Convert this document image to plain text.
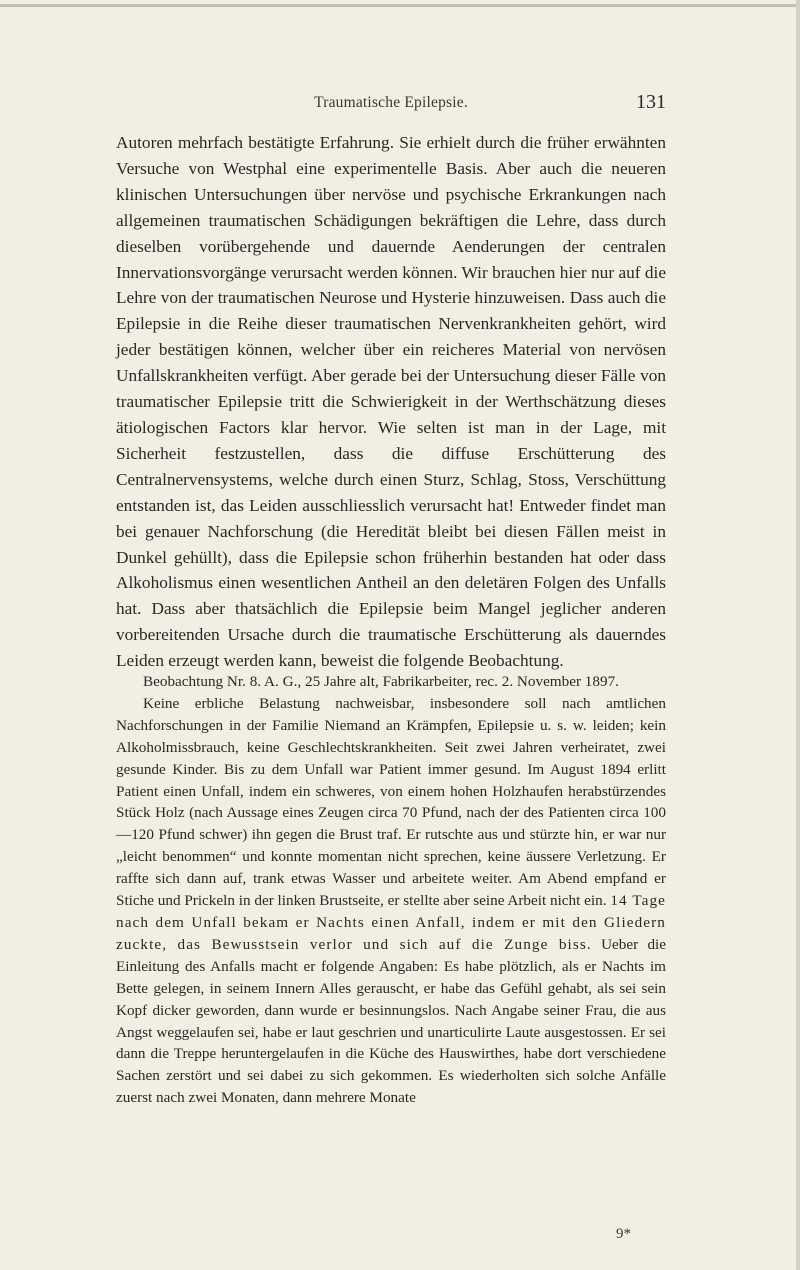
Traumatische Epilepsie.	131

Autoren mehrfach bestätigte Erfahrung. Sie erhielt durch die früher erwähnten Versuche von Westphal eine experimentelle Basis. Aber auch die neueren klinischen Untersuchungen über nervöse und psychische Erkrankungen nach allgemeinen traumatischen Schädigungen bekräftigen die Lehre, dass durch dieselben vorübergehende und dauernde Aenderungen der centralen Innervationsvorgänge verursacht werden können. Wir brauchen hier nur auf die Lehre von der traumatischen Neurose und Hysterie hinzuweisen. Dass auch die Epilepsie in die Reihe dieser traumatischen Nervenkrankheiten gehört, wird jeder bestätigen können, welcher über ein reicheres Material von nervösen Unfallskrankheiten verfügt. Aber gerade bei der Untersuchung dieser Fälle von traumatischer Epilepsie tritt die Schwierigkeit in der Werthschätzung dieses ätiologischen Factors klar hervor. Wie selten ist man in der Lage, mit Sicherheit festzustellen, dass die diffuse Erschütterung des Centralnervensystems, welche durch einen Sturz, Schlag, Stoss, Verschüttung entstanden ist, das Leiden ausschliesslich verursacht hat! Entweder findet man bei genauer Nachforschung (die Heredität bleibt bei diesen Fällen meist in Dunkel gehüllt), dass die Epilepsie schon früherhin bestanden hat oder dass Alkoholismus einen wesentlichen Antheil an den deletären Folgen des Unfalls hat. Dass aber thatsächlich die Epilepsie beim Mangel jeglicher anderen vorbereitenden Ursache durch die traumatische Erschütterung als dauerndes Leiden erzeugt werden kann, beweist die folgende Beobachtung.

Beobachtung Nr. 8. A. G., 25 Jahre alt, Fabrikarbeiter, rec. 2. November 1897.

Keine erbliche Belastung nachweisbar, insbesondere soll nach amtlichen Nachforschungen in der Familie Niemand an Krämpfen, Epilepsie u. s. w. leiden; kein Alkoholmissbrauch, keine Geschlechtskrankheiten. Seit zwei Jahren verheiratet, zwei gesunde Kinder. Bis zu dem Unfall war Patient immer gesund. Im August 1894 erlitt Patient einen Unfall, indem ein schweres, von einem hohen Holzhaufen herabstürzendes Stück Holz (nach Aussage eines Zeugen circa 70 Pfund, nach der des Patienten circa 100—120 Pfund schwer) ihn gegen die Brust traf. Er rutschte aus und stürzte hin, er war nur „leicht benommen“ und konnte momentan nicht sprechen, keine äussere Verletzung. Er raffte sich dann auf, trank etwas Wasser und arbeitete weiter. Am Abend empfand er Stiche und Prickeln in der linken Brustseite, er stellte aber seine Arbeit nicht ein. 14 Tage nach dem Unfall bekam er Nachts einen Anfall, indem er mit den Gliedern zuckte, das Bewusstsein verlor und sich auf die Zunge biss. Ueber die Einleitung des Anfalls macht er folgende Angaben: Es habe plötzlich, als er Nachts im Bette gelegen, in seinem Innern Alles gerauscht, er habe das Gefühl gehabt, als sei sein Kopf dicker geworden, dann wurde er besinnungslos. Nach Angabe seiner Frau, die aus Angst weggelaufen sei, habe er laut geschrien und unarticulirte Laute ausgestossen. Er sei dann die Treppe heruntergelaufen in die Küche des Hauswirthes, habe dort verschiedene Sachen zerstört und sei dabei zu sich gekommen. Es wiederholten sich solche Anfälle zuerst nach zwei Monaten, dann mehrere Monate

9*
